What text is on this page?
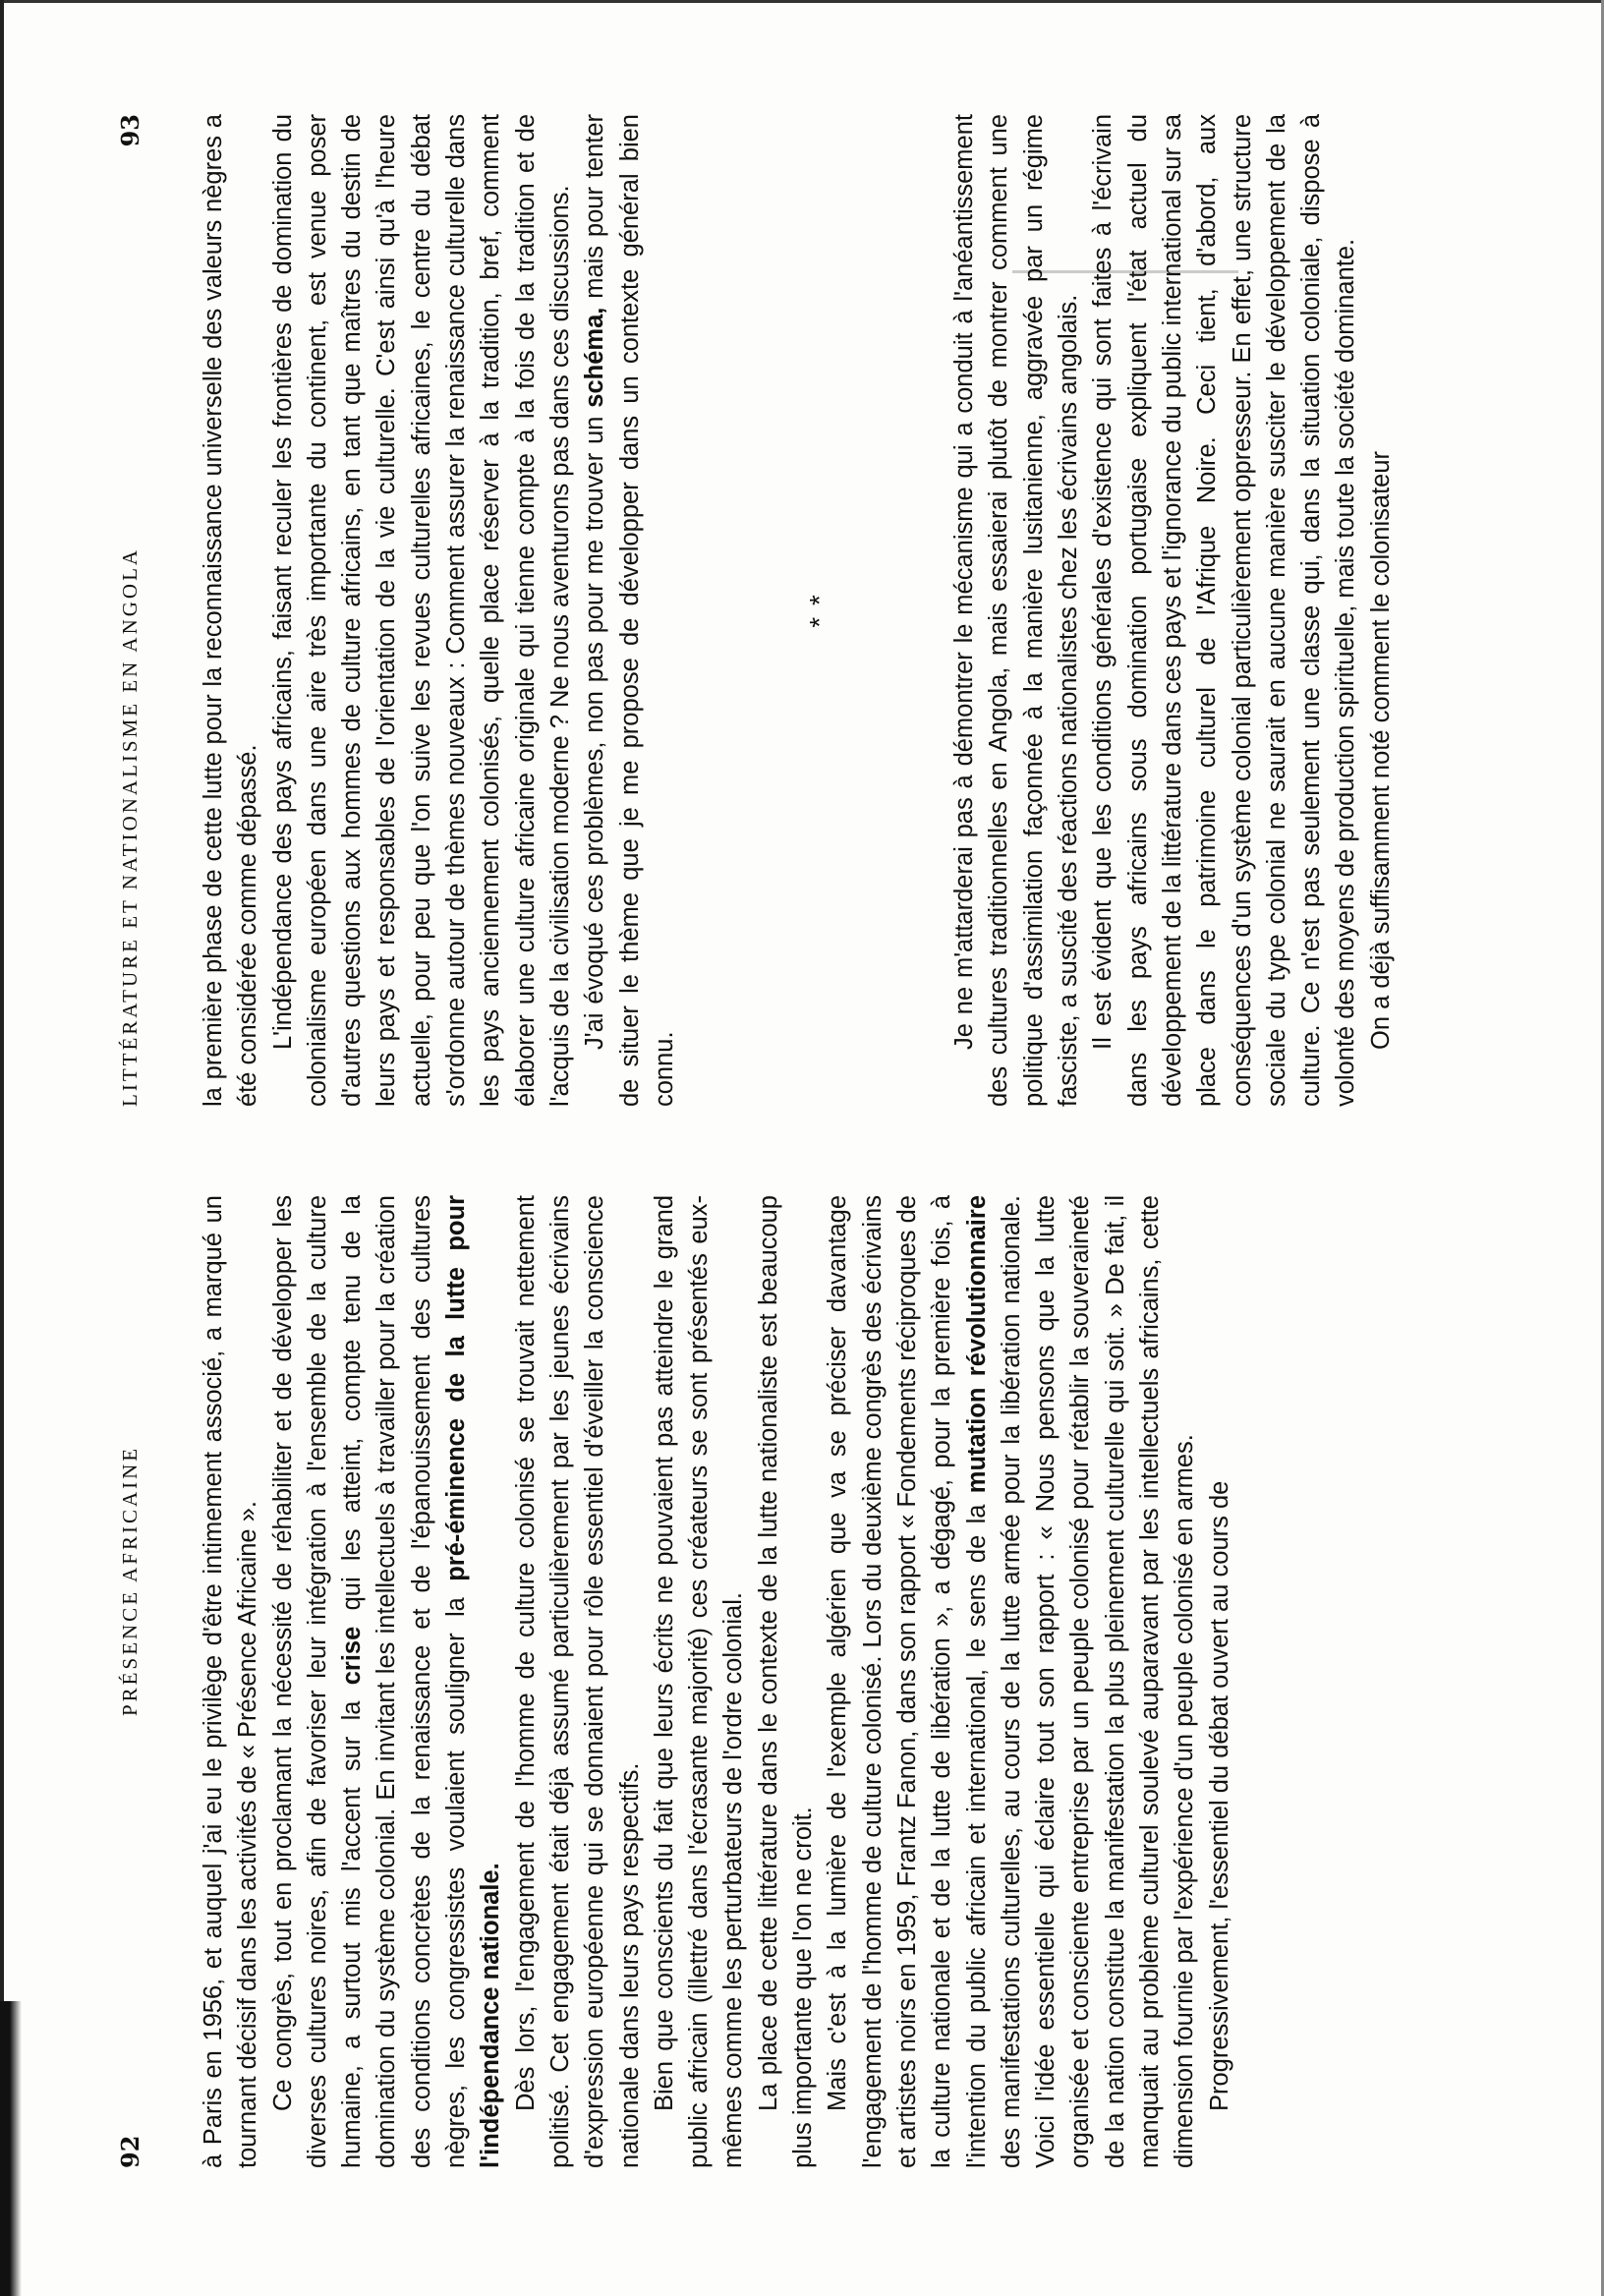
92
PRÉSENCE AFRICAINE à Paris en 1956, et auquel j'ai eu le privilège d'être intimement associé, a marqué un tournant décisif dans les activités de « Présence Africaine ». Ce congrès, tout en proclamant la nécessité de réhabiliter et de développer les diverses cultures noires, afin de favoriser leur intégration à l'ensemble de la culture humaine, a surtout mis l'accent sur la crise qui les atteint, compte tenu de la domination du système colonial. En invitant les intellectuels à travailler pour la création des conditions concrètes de la renaissance et de l'épanouissement des cultures nègres, les congressistes voulaient souligner la pré-éminence de la lutte pour l'indépendance nationale. Dès lors, l'engagement de l'homme de culture colonisé se trouvait nettement politisé. Cet engagement était déjà assumé particulièrement par les jeunes écrivains d'expression européenne qui se donnaient pour rôle essentiel d'éveiller la conscience nationale dans leurs pays respectifs. Bien que conscients du fait que leurs écrits ne pouvaient pas atteindre le grand public africain (illettré dans l'écrasante majorité) ces créateurs se sont présentés eux-mêmes comme les perturbateurs de l'ordre colonial. La place de cette littérature dans le contexte de la lutte nationaliste est beaucoup plus importante que l'on ne croit. Mais c'est à la lumière de l'exemple algérien que va se préciser davantage l'engagement de l'homme de culture colonisé. Lors du deuxième congrès des écrivains et artistes noirs en 1959, Frantz Fanon, dans son rapport « Fondements réciproques de la culture nationale et de la lutte de libération », a dégagé, pour la première fois, à l'intention du public africain et international, le sens de la mutation révolutionnaire des manifestations culturelles, au cours de la lutte armée pour la libération nationale. Voici l'idée essentielle qui éclaire tout son rapport : « Nous pensons que la lutte organisée et consciente entreprise par un peuple colonisé pour rétablir la souveraineté de la nation constitue la manifestation la plus pleinement culturelle qui soit. » De fait, il manquait au problème culturel soulevé auparavant par les intellectuels africains, cette dimension fournie par l'expérience d'un peuple colonisé en armes. Progressivement, l'essentiel du débat ouvert au cours de

LITTÉRATURE ET NATIONALISME EN ANGOLA
93 la première phase de cette lutte pour la reconnaissance universelle des valeurs nègres a été considérée comme dépassé. L'indépendance des pays africains, faisant reculer les frontières de domination du colonialisme européen dans une aire très importante du continent, est venue poser d'autres questions aux hommes de culture africains, en tant que maîtres du destin de leurs pays et responsables de l'orientation de la vie culturelle. C'est ainsi qu'à l'heure actuelle, pour peu que l'on suive les revues culturelles africaines, le centre du débat s'ordonne autour de thèmes nouveaux : Comment assurer la renaissance culturelle dans les pays anciennement colonisés, quelle place réserver à la tradition, bref, comment élaborer une culture africaine originale qui tienne compte à la fois de la tradition et de l'acquis de la civilisation moderne ? Ne nous aventurons pas dans ces discussions. J'ai évoqué ces problèmes, non pas pour me trouver un schéma, mais pour tenter de situer le thème que je me propose de développer dans un contexte général bien connu.

* *	Je ne m'attarderai pas à démontrer le mécanisme qui a conduit à l'anéantissement des cultures traditionnelles en Angola, mais essaierai plutôt de montrer comment une politique d'assimilation façonnée à la manière lusitanienne, aggravée par un régime fasciste, a suscité des réactions nationalistes chez les écrivains angolais. Il est évident que les conditions générales d'existence qui sont faites à l'écrivain dans les pays africains sous domination portugaise expliquent l'état actuel du développement de la littérature dans ces pays et l'ignorance du public international sur sa place dans le patrimoine culturel de l'Afrique Noire. Ceci tient, d'abord, aux conséquences d'un système colonial particulièrement oppresseur. En effet, une structure sociale du type colonial ne saurait en aucune manière susciter le développement de la culture. Ce n'est pas seulement une classe qui, dans la situation coloniale, dispose à volonté des moyens de production spirituelle, mais toute la société dominante. On a déjà suffisamment noté comment le colonisateur
